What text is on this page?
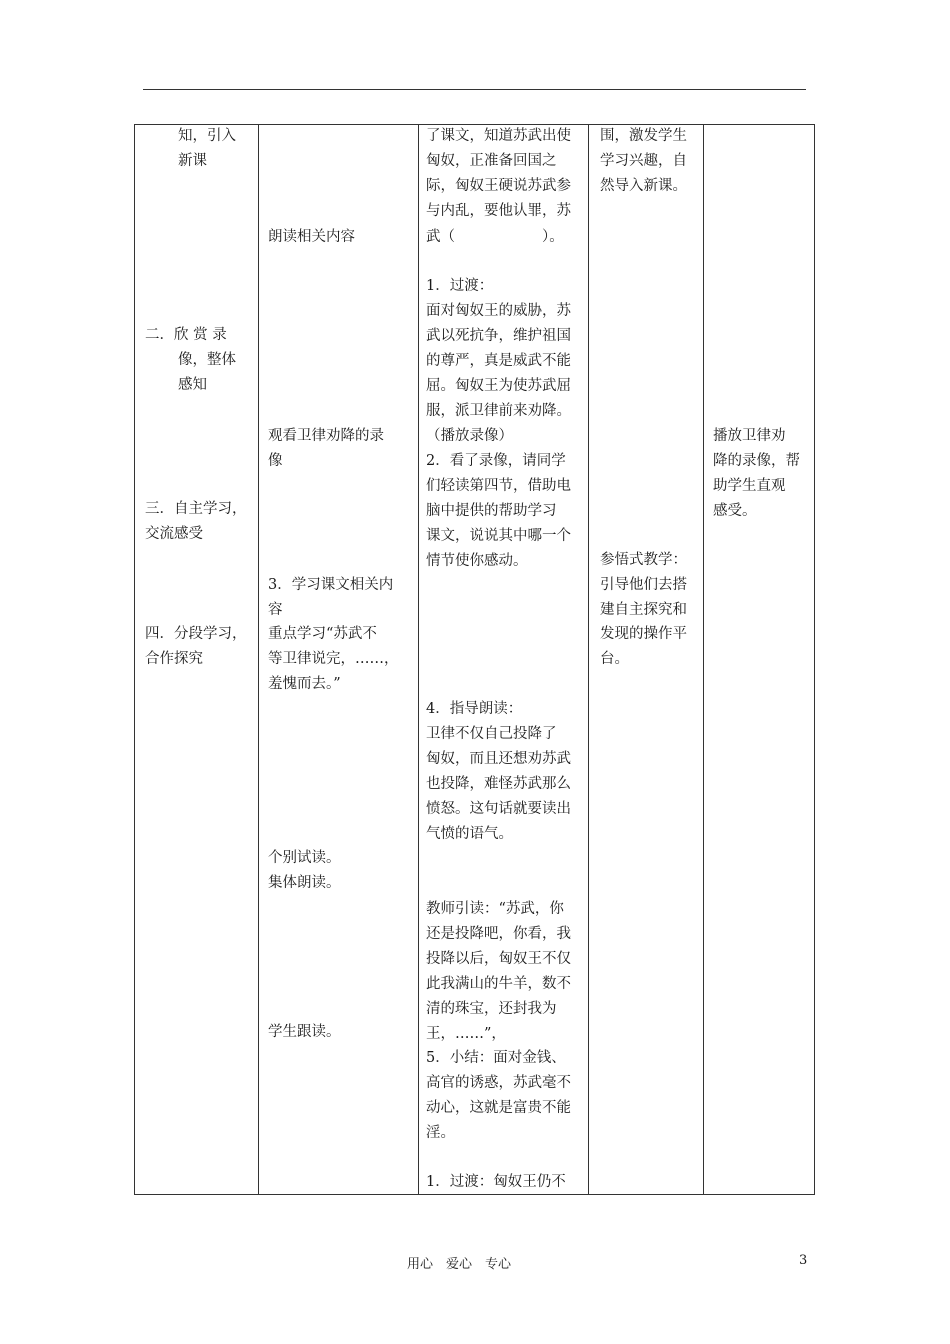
知，引入
新课
二．欣 赏 录
像，整体
感知
三．自主学习，
交流感受
四．分段学习，
合作探究
朗读相关内容
观看卫律劝降的录
像
3．学习课文相关内
容
重点学习“苏武不
等卫律说完，……，
羞愧而去。”
个别试读。
集体朗读。
学生跟读。
了课文，知道苏武出使
匈奴，正准备回国之
际，匈奴王硬说苏武参
与内乱，要他认罪，苏
武（　　　　　　）。
1．过渡：
面对匈奴王的威胁，苏
武以死抗争，维护祖国
的尊严，真是威武不能
屈。匈奴王为使苏武屈
服，派卫律前来劝降。
（播放录像）
2．看了录像，请同学
们轻读第四节，借助电
脑中提供的帮助学习
课文，说说其中哪一个
情节使你感动。
4．指导朗读：
卫律不仅自己投降了
匈奴，而且还想劝苏武
也投降，难怪苏武那么
愤怒。这句话就要读出
气愤的语气。
教师引读：“苏武，你
还是投降吧，你看，我
投降以后，匈奴王不仅
此我满山的牛羊，数不
清的珠宝，还封我为
王，……”，
5．小结：面对金钱、
高官的诱惑，苏武毫不
动心，这就是富贵不能
淫。
1．过渡：匈奴王仍不
围，激发学生
学习兴趣，自
然导入新课。
参悟式教学：
引导他们去搭
建自主探究和
发现的操作平
台。
播放卫律劝
降的录像，帮
助学生直观
感受。
用心　爱心　专心	3
